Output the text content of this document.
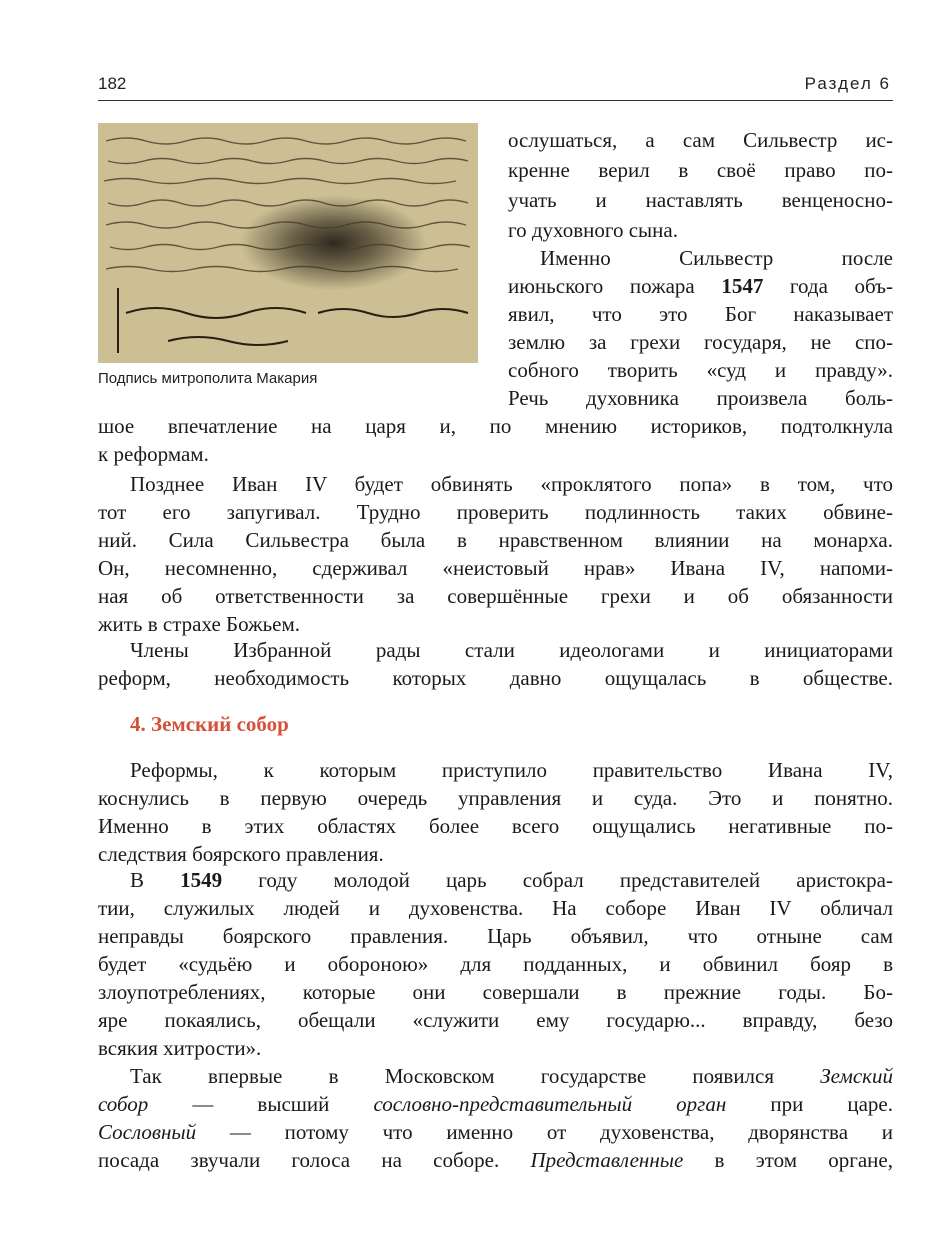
182	Раздел 6
Подпись митрополита Макария
ослушаться, а сам Сильвестр ис-
кренне верил в своё право по-
учать и наставлять венценосно-
го духовного сына.
Именно Сильвестр после
июньского пожара 1547 года объ-
явил, что это Бог наказывает
землю за грехи государя, не спо-
собного творить «суд и правду».
Речь духовника произвела боль-
шое впечатление на царя и, по мнению историков, подтолкнула
к реформам.
Позднее Иван IV будет обвинять «проклятого попа» в том, что
тот его запугивал. Трудно проверить подлинность таких обвине-
ний. Сила Сильвестра была в нравственном влиянии на монарха.
Он, несомненно, сдерживал «неистовый нрав» Ивана IV, напоми-
ная об ответственности за совершённые грехи и об обязанности
жить в страхе Божьем.
Члены Избранной рады стали идеологами и инициаторами
реформ, необходимость которых давно ощущалась в обществе.
4. Земский собор
Реформы, к которым приступило правительство Ивана IV,
коснулись в первую очередь управления и суда. Это и понятно.
Именно в этих областях более всего ощущались негативные по-
следствия боярского правления.
В 1549 году молодой царь собрал представителей аристокра-
тии, служилых людей и духовенства. На соборе Иван IV обличал
неправды боярского правления. Царь объявил, что отныне сам
будет «судьёю и обороною» для подданных, и обвинил бояр в
злоупотреблениях, которые они совершали в прежние годы. Бо-
яре покаялись, обещали «служити ему государю... вправду, безо
всякия хитрости».
Так впервые в Московском государстве появился Земский
собор — высший сословно-представительный орган при царе.
Сословный — потому что именно от духовенства, дворянства и
посада звучали голоса на соборе. Представленные в этом органе,
